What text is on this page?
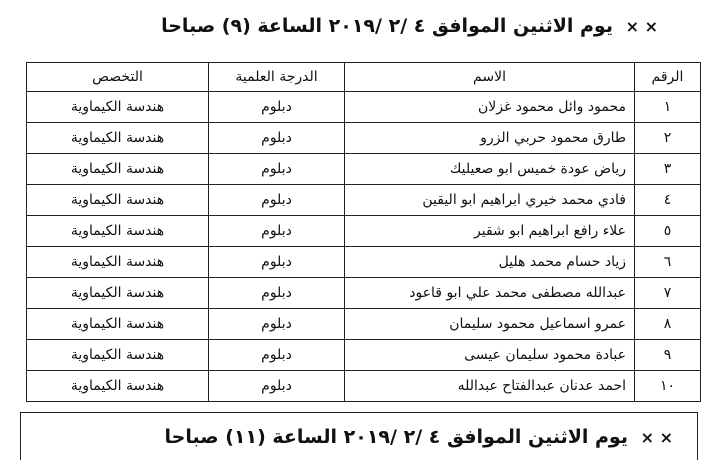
× × يوم الاثنين الموافق ٤ /٢ /٢٠١٩ الساعة (٩) صباحا
الرقم	الاسم	الدرجة العلمية	التخصص
١	محمود وائل محمود غزلان	دبلوم	هندسة الكيماوية
٢	طارق محمود حربي الزرو	دبلوم	هندسة الكيماوية
٣	رياض عودة خميس ابو صعيليك	دبلوم	هندسة الكيماوية
٤	فادي محمد خيري ابراهيم ابو اليقين	دبلوم	هندسة الكيماوية
٥	علاء رافع ابراهيم ابو شقير	دبلوم	هندسة الكيماوية
٦	زياد حسام محمد هليل	دبلوم	هندسة الكيماوية
٧	عبدالله مصطفى محمد علي ابو قاعود	دبلوم	هندسة الكيماوية
٨	عمرو اسماعيل محمود سليمان	دبلوم	هندسة الكيماوية
٩	عبادة محمود سليمان عيسى	دبلوم	هندسة الكيماوية
١٠	احمد عدنان عبدالفتاح عبدالله	دبلوم	هندسة الكيماوية
× × يوم الاثنين الموافق ٤ /٢ /٢٠١٩ الساعة (١١) صباحا
